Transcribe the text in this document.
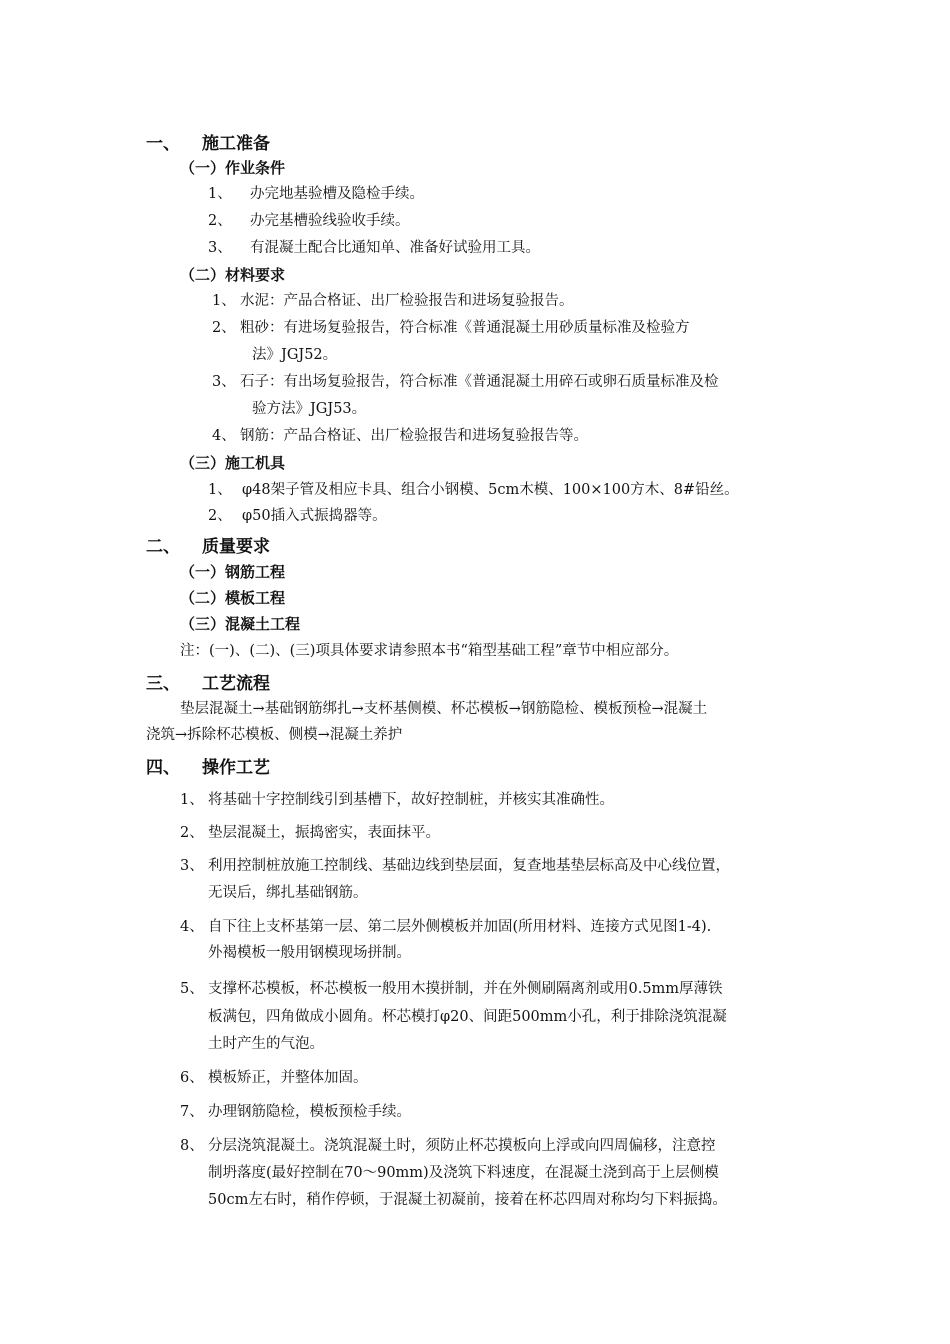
一、 施工准备
（一）作业条件
1、 办完地基验槽及隐检手续。
2、 办完基槽验线验收手续。
3、 有混凝土配合比通知单、准备好试验用工具。
（二）材料要求
1、 水泥：产品合格证、出厂检验报告和进场复验报告。
2、 粗砂：有进场复验报告，符合标准《普通混凝土用砂质量标准及检验方
法》JGJ52。
3、 石子：有出场复验报告，符合标准《普通混凝土用碎石或卵石质量标准及检
验方法》JGJ53。
4、 钢筋：产品合格证、出厂检验报告和进场复验报告等。
（三）施工机具
1、 φ48架子管及相应卡具、组合小钢模、5cm木模、100×100方木、8#铅丝。
2、 φ50插入式振捣器等。
二、 质量要求
（一）钢筋工程
（二）模板工程
（三）混凝土工程
注：(一)、(二)、(三)项具体要求请参照本书“箱型基础工程”章节中相应部分。
三、 工艺流程
垫层混凝土→基础钢筋绑扎→支杯基侧模、杯芯模板→钢筋隐检、模板预检→混凝土
浇筑→拆除杯芯模板、侧模→混凝土养护
四、 操作工艺
1、 将基础十字控制线引到基槽下，故好控制桩，并核实其准确性。
2、 垫层混凝土，振捣密实，表面抹平。
3、 利用控制桩放施工控制线、基础边线到垫层面，复查地基垫层标高及中心线位置，
无误后，绑扎基础钢筋。
4、 自下往上支杯基第一层、第二层外侧模板并加固(所用材料、连接方式见图1-4).
外褐模板一般用钢模现场拼制。
5、 支撑杯芯模板，杯芯模板一般用木摸拼制，并在外侧刷隔离剂或用0.5mm厚薄铁
板满包，四角做成小圆角。杯芯模打φ20、间距500mm小孔，利于排除浇筑混凝
土时产生的气泡。
6、 模板矫正，并整体加固。
7、 办理钢筋隐检，模板预检手续。
8、 分层浇筑混凝土。浇筑混凝土时，须防止杯芯摸板向上浮或向四周偏移，注意控
制坍落度(最好控制在70～90mm)及浇筑下料速度，在混凝土浇到高于上层侧模
50cm左右时，稍作停顿，于混凝土初凝前，接着在杯芯四周对称均匀下料振捣。
